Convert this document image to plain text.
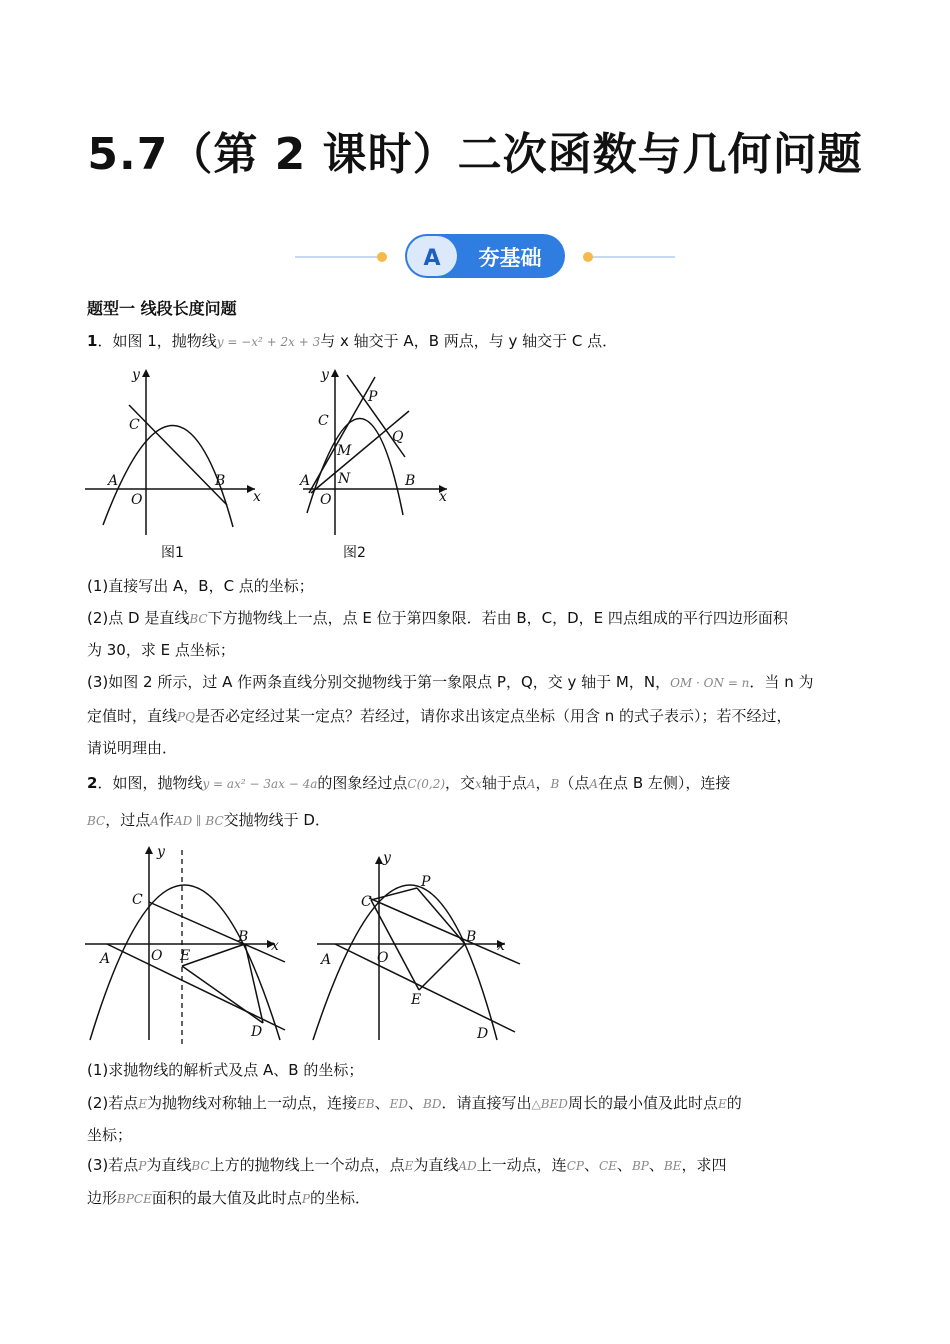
5.7（第 2 课时）二次函数与几何问题
A 夯基础
题型一 线段长度问题
1．如图 1，抛物线y = −x² + 2x + 3与 x 轴交于 A，B 两点，与 y 轴交于 C 点．
x
y
C
A	B
O
图1
x
y
C
P
Q
M
N
A	B
O
图2
(1)直接写出 A，B，C 点的坐标；
(2)点 D 是直线BC下方抛物线上一点，点 E 位于第四象限．若由 B，C，D，E 四点组成的平行四边形面积
为 30，求 E 点坐标；
(3)如图 2 所示，过 A 作两条直线分别交抛物线于第一象限点 P，Q，交 y 轴于 M，N，OM · ON = n．当 n 为
定值时，直线PQ是否必定经过某一定点？若经过，请你求出该定点坐标（用含 n 的式子表示）；若不经过，
请说明理由．
2．如图，抛物线y = ax² − 3ax − 4a的图象经过点C(0,2)，交x轴于点A，B（点A在点 B 左侧），连接
BC，过点A作AD ∥ BC交抛物线于 D．
x
y
C
B
A	O E
D
x
y
C
P
B
A	O
E
D
(1)求抛物线的解析式及点 A、B 的坐标；
(2)若点E为抛物线对称轴上一动点，连接EB、ED、BD．请直接写出△BED周长的最小值及此时点E的
坐标；
(3)若点P为直线BC上方的抛物线上一个动点，点E为直线AD上一动点，连CP、CE、BP、BE，求四
边形BPCE面积的最大值及此时点P的坐标．
